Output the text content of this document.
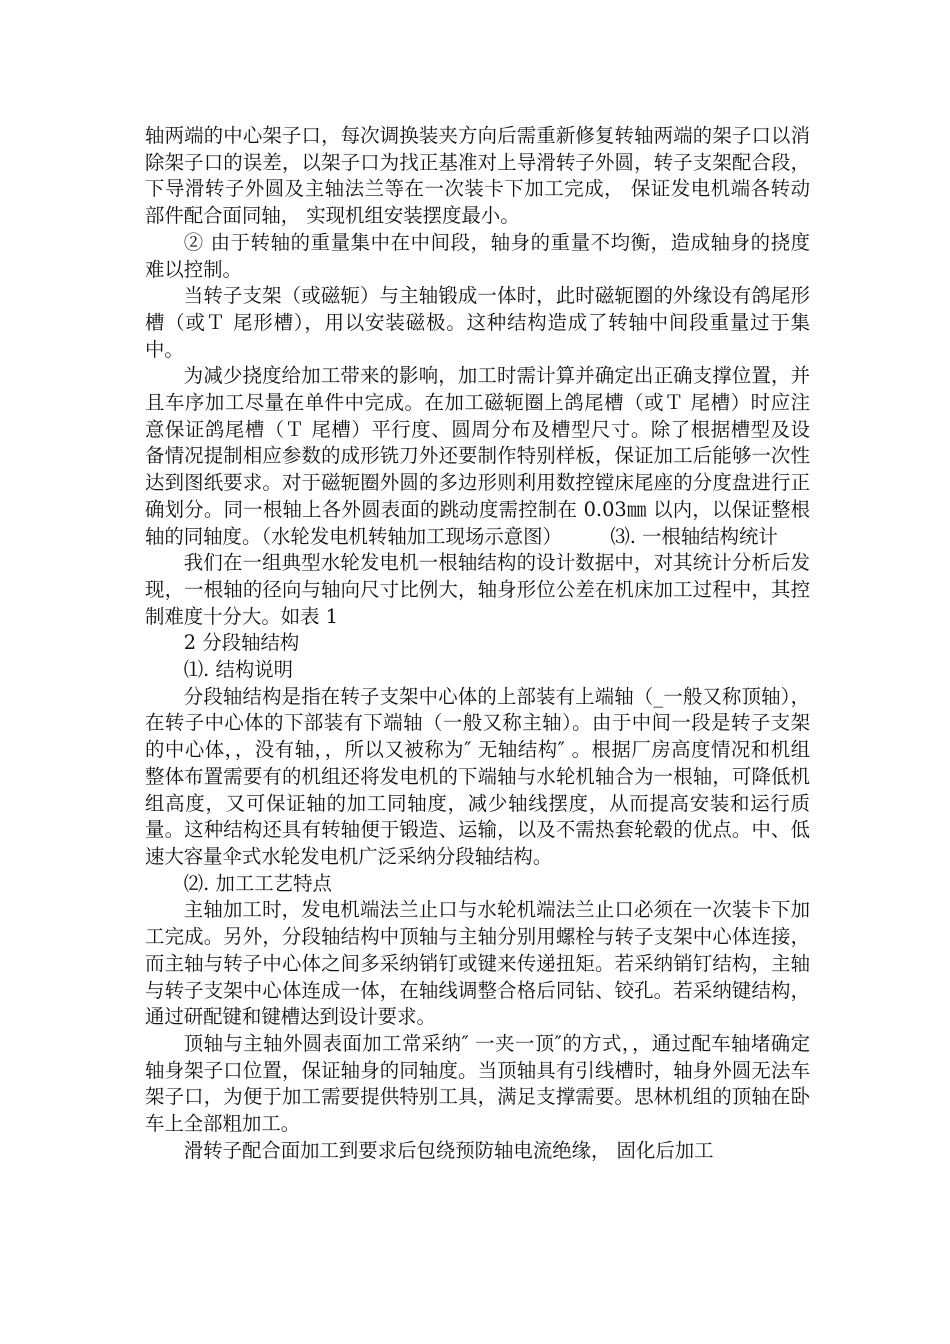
轴两端的中心架子口，每次调换装夹方向后需重新修复转轴两端的架子口以消除架子口的误差，以架子口为找正基准对上导滑转子外圆，转子支架配合段，下导滑转子外圆及主轴法兰等在一次装卡下加工完成， 保证发电机端各转动部件配合面同轴， 实现机组安装摆度最小。

② 由于转轴的重量集中在中间段，轴身的重量不均衡，造成轴身的挠度难以控制。

当转子支架（或磁轭）与主轴锻成一体时，此时磁轭圈的外缘设有鸽尾形槽（或Ｔ 尾形槽），用以安装磁极。这种结构造成了转轴中间段重量过于集中。

为减少挠度给加工带来的影响，加工时需计算并确定出正确支撑位置，并且车序加工尽量在单件中完成。在加工磁轭圈上鸽尾槽（或Ｔ 尾槽）时应注意保证鸽尾槽（Ｔ 尾槽）平行度、圆周分布及槽型尺寸。除了根据槽型及设备情况提制相应参数的成形铣刀外还要制作特别样板，保证加工后能够一次性达到图纸要求。对于磁轭圈外圆的多边形则利用数控镗床尾座的分度盘进行正确划分。同一根轴上各外圆表面的跳动度需控制在 0.03㎜ 以内，以保证整根轴的同轴度。（水轮发电机转轴加工现场示意图）　　　⑶. 一根轴结构统计

我们在一组典型水轮发电机一根轴结构的设计数据中，对其统计分析后发现，一根轴的径向与轴向尺寸比例大，轴身形位公差在机床加工过程中，其控制难度十分大。如表 1

2 分段轴结构

⑴. 结构说明

分段轴结构是指在转子支架中心体的上部装有上端轴（_一般又称顶轴），在转子中心体的下部装有下端轴（一般又称主轴）。由于中间一段是转子支架的中心体，，没有轴，，所以又被称为″ 无轴结构″ 。根据厂房高度情况和机组整体布置需要有的机组还将发电机的下端轴与水轮机轴合为一根轴，可降低机组高度，又可保证轴的加工同轴度，减少轴线摆度，从而提高安装和运行质量。这种结构还具有转轴便于锻造、运输，以及不需热套轮毂的优点。中、低速大容量伞式水轮发电机广泛采纳分段轴结构。

⑵. 加工工艺特点

主轴加工时，发电机端法兰止口与水轮机端法兰止口必须在一次装卡下加工完成。另外，分段轴结构中顶轴与主轴分别用螺栓与转子支架中心体连接，而主轴与转子中心体之间多采纳销钉或键来传递扭矩。若采纳销钉结构，主轴与转子支架中心体连成一体，在轴线调整合格后同钻、铰孔。若采纳键结构，通过研配键和键槽达到设计要求。

顶轴与主轴外圆表面加工常采纳″ 一夹一顶″的方式，，通过配车轴堵确定轴身架子口位置，保证轴身的同轴度。当顶轴具有引线槽时，轴身外圆无法车架子口，为便于加工需要提供特别工具，满足支撑需要。思林机组的顶轴在卧车上全部粗加工。

滑转子配合面加工到要求后包绕预防轴电流绝缘， 固化后加工
